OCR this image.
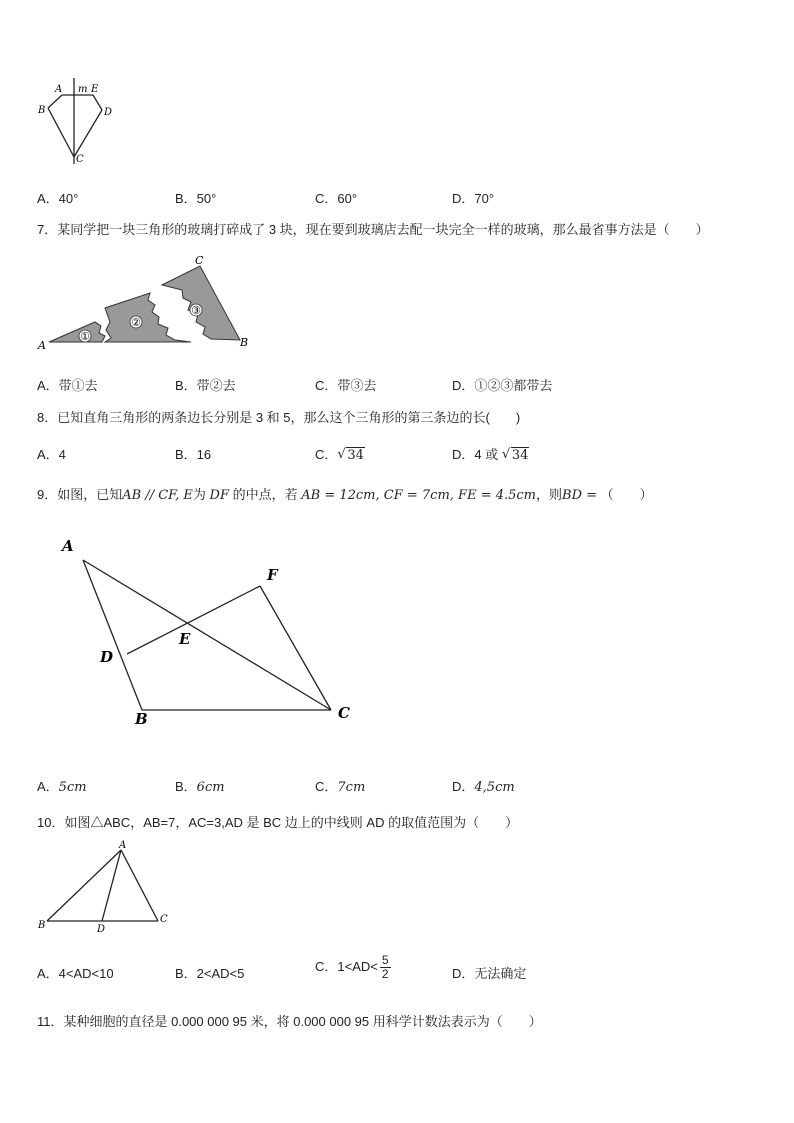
A m E
B	D
C
A．40°	B．50°	C．60°	D．70°
7．某同学把一块三角形的玻璃打碎成了 3 块，现在要到玻璃店去配一块完全一样的玻璃，那么最省事方法是（　　）
①
②
③
A	B
C
A．带①去	B．带②去	C．带③去	D．①②③都带去
8．已知直角三角形的两条边长分别是 3 和 5，那么这个三角形的第三条边的长(　　)
A．4	B．16	C．√ 34	D．4 或 √ 34
9．如图，已知AB // CF, E为 DF 的中点，若 AB = 12cm, CF = 7cm, FE = 4.5cm，则BD = （　　）
A
F
E
D
B	C
A．5cm	B．6cm	C．7cm	D．4,5cm
10．如图△ABC，AB=7，AC=3,AD 是 BC 边上的中线则 AD 的取值范围为（　　）
A
B	D
C
A．4<AD<10	B．2<AD<5	C．$1<AD< \frac{5}{2}$	D．无法确定
11．某种细胞的直径是 0.000 000 95 米，将 0.000 000 95 用科学计数法表示为（　　）
